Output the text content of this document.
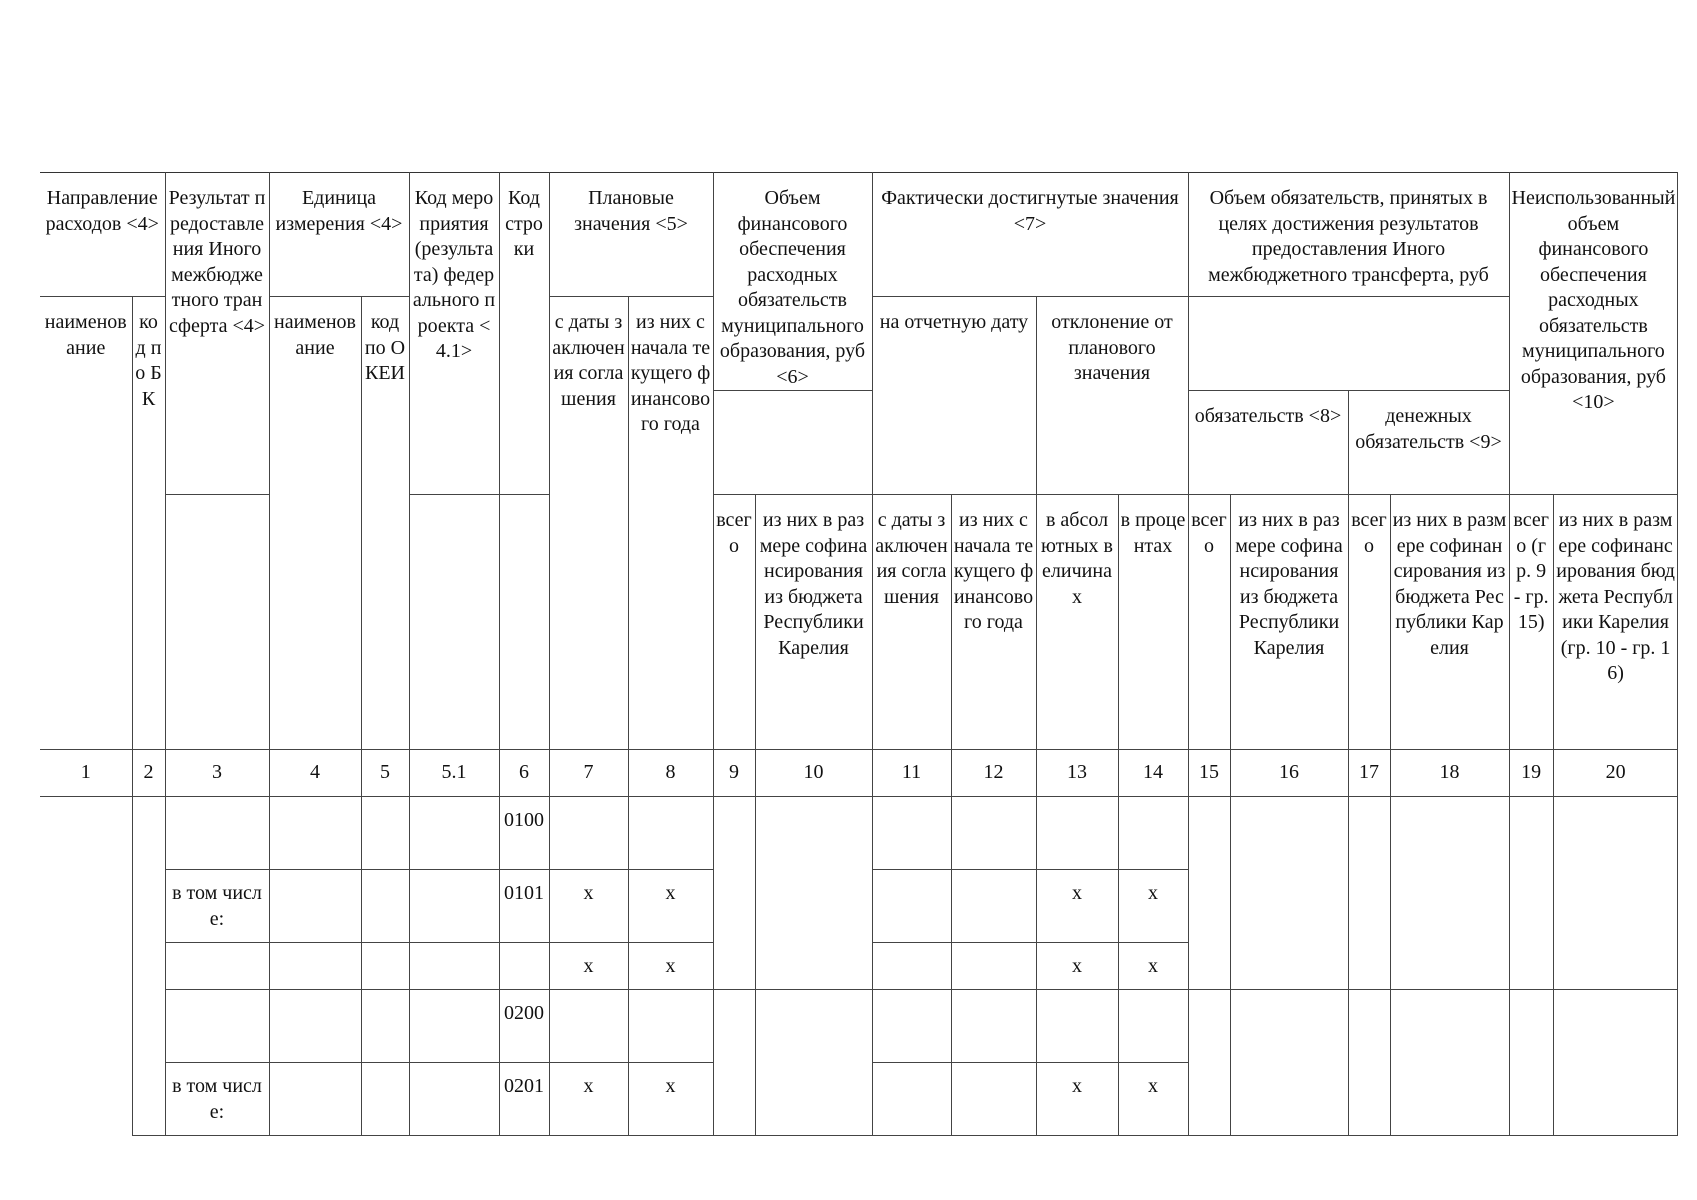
Направление расходов <4>		Результат предоставления Иного межбюджетного трансферта <4>	Единица измерения <4>		Код мероприятия (результата) федерального проекта <4.1>	Код строки	Плановые значения <5>		Объем финансового обеспечения расходных обязательств муниципального образования, руб <6>		Фактически достигнутые значения <7>				Объем обязательств, принятых в целях достижения результатов предоставления Иного межбюджетного трансферта, руб				Неиспользованный объем финансового обеспечения расходных обязательств муниципального образования, руб <10>	
наименование	код по БК		наименование	код по ОКЕИ			с даты заключения соглашения	из них с начала текущего финансового года			на отчетную дату		отклонение от планового значения							
															обязательств <8>		денежных обязательств <9>			
									всего	из них в размере софинансирования из бюджета Республики Карелия	с даты заключения соглашения	из них с начала текущего финансового года	в абсолютных величинах	в процентах	всего	из них в размере софинансирования из бюджета Республики Карелия	всего	из них в размере софинансирования из бюджета Республики Карелия	всего (гр. 9 - гр. 15)	из них в размере софинансирования бюджета Республики Карелия (гр. 10 - гр. 16)
1	2	3	4	5	5.1	6	7	8	9	10	11	12	13	14	15	16	17	18	19	20
						0100														
		в том числе:				0101	x	x					x	x						
							x	x					x	x						
						0200														
		в том числе:				0201	x	x					x	x						
